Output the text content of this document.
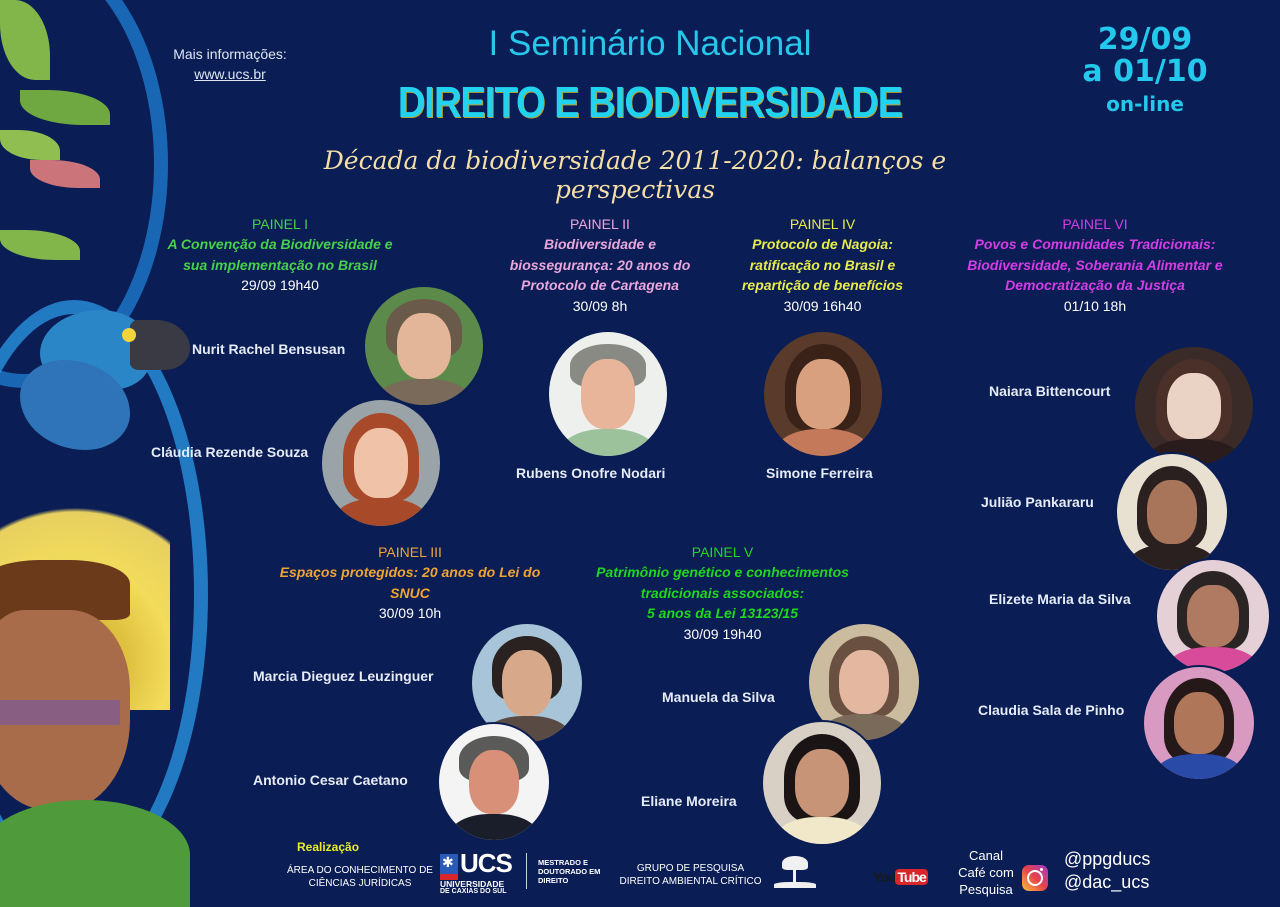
Mais informações:
www.ucs.br
I Seminário Nacional
DIREITO E BIODIVERSIDADE
Década da biodiversidade 2011-2020: balanços e perspectivas
29/09
a 01/10
on-line
PAINEL I
A Convenção da Biodiversidade e
sua implementação no Brasil
29/09 19h40
Nurit Rachel Bensusan
Cláudia Rezende Souza
PAINEL II
Biodiversidade e
biossegurança: 20 anos do
Protocolo de Cartagena
30/09 8h
Rubens Onofre Nodari
PAINEL IV
Protocolo de Nagoia:
ratificação no Brasil e
repartição de benefícios
30/09 16h40
Simone Ferreira
PAINEL VI
Povos e Comunidades Tradicionais:
Biodiversidade, Soberania Alimentar e
Democratização da Justiça
01/10 18h
Naiara Bittencourt
Julião Pankararu
Elizete Maria da Silva
Claudia Sala de Pinho
PAINEL III
Espaços protegidos: 20 anos do Lei do
SNUC
30/09 10h
Marcia Dieguez Leuzinguer
Antonio Cesar Caetano
PAINEL V
Patrimônio genético e conhecimentos
tradicionais associados:
5 anos da Lei 13123/15
30/09 19h40
Manuela da Silva
Eliane Moreira
Realização
ÁREA DO CONHECIMENTO DE
CIÊNCIAS JURÍDICAS
✱ UCS
UNIVERSIDADE
DE CAXIAS DO SUL
MESTRADO E
DOUTORADO EM
DIREITO
GRUPO DE PESQUISA
DIREITO AMBIENTAL CRÍTICO	You Tube
Canal
Café com
Pesquisa
@ppgducs
@dac_ucs
